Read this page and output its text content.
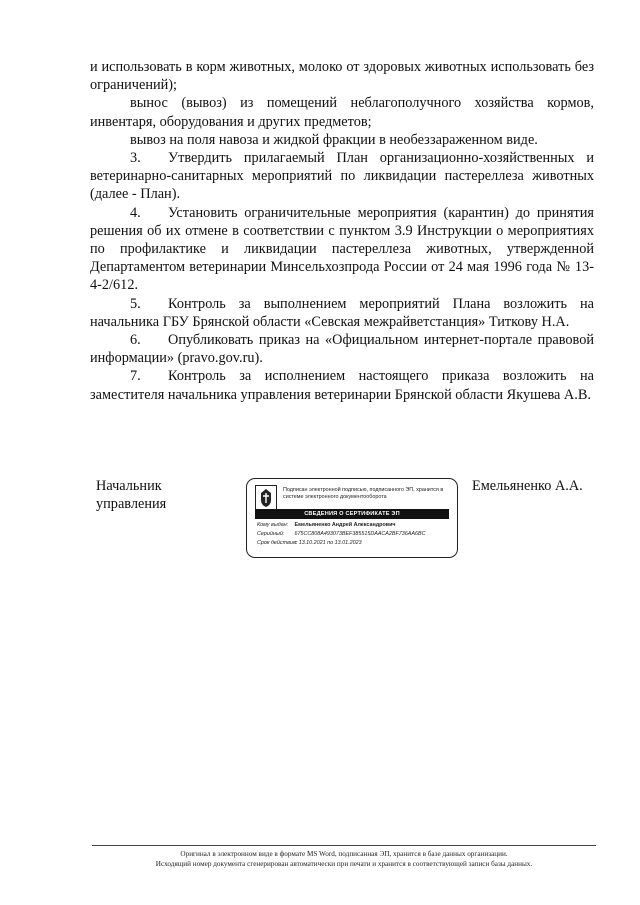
и использовать в корм животных, молоко от здоровых животных использовать без ограничений);

вынос (вывоз) из помещений неблагополучного хозяйства кормов, инвентаря, оборудования и других предметов;

вывоз на поля навоза и жидкой фракции в необеззараженном виде.

3. Утвердить прилагаемый План организационно-хозяйственных и ветеринарно-санитарных мероприятий по ликвидации пастереллеза животных (далее - План).

4. Установить ограничительные мероприятия (карантин) до принятия решения об их отмене в соответствии с пунктом 3.9 Инструкции о мероприятиях по профилактике и ликвидации пастереллеза животных, утвержденной Департаментом ветеринарии Минсельхозпрода России от 24 мая 1996 года № 13-4-2/612.

5. Контроль за выполнением мероприятий Плана возложить на начальника ГБУ Брянской области «Севская межрайветстанция» Титкову Н.А.

6. Опубликовать приказ на «Официальном интернет-портале правовой информации» (pravo.gov.ru).

7. Контроль за исполнением настоящего приказа возложить на заместителя начальника управления ветеринарии Брянской области Якушева А.В.

Начальник
управления
Подписан электронной подписью, подписанного ЭП, хранится в системе электронного документооборота
СВЕДЕНИЯ О СЕРТИФИКАТЕ ЭП
Кому выдан: Емельяненко Андрей Александрович
Серийный: 675CC808A493073BEF385515DAACA2BF736AA6BC
Срок действия: с 13.10.2021 по 13.01.2023
Емельяненко А.А.
Оригинал в электронном виде в формате MS Word, подписанная ЭП, хранится в базе данных организации.
Исходящий номер документа сгенерирован автоматически при печати и хранится в соответствующей записи базы данных.
